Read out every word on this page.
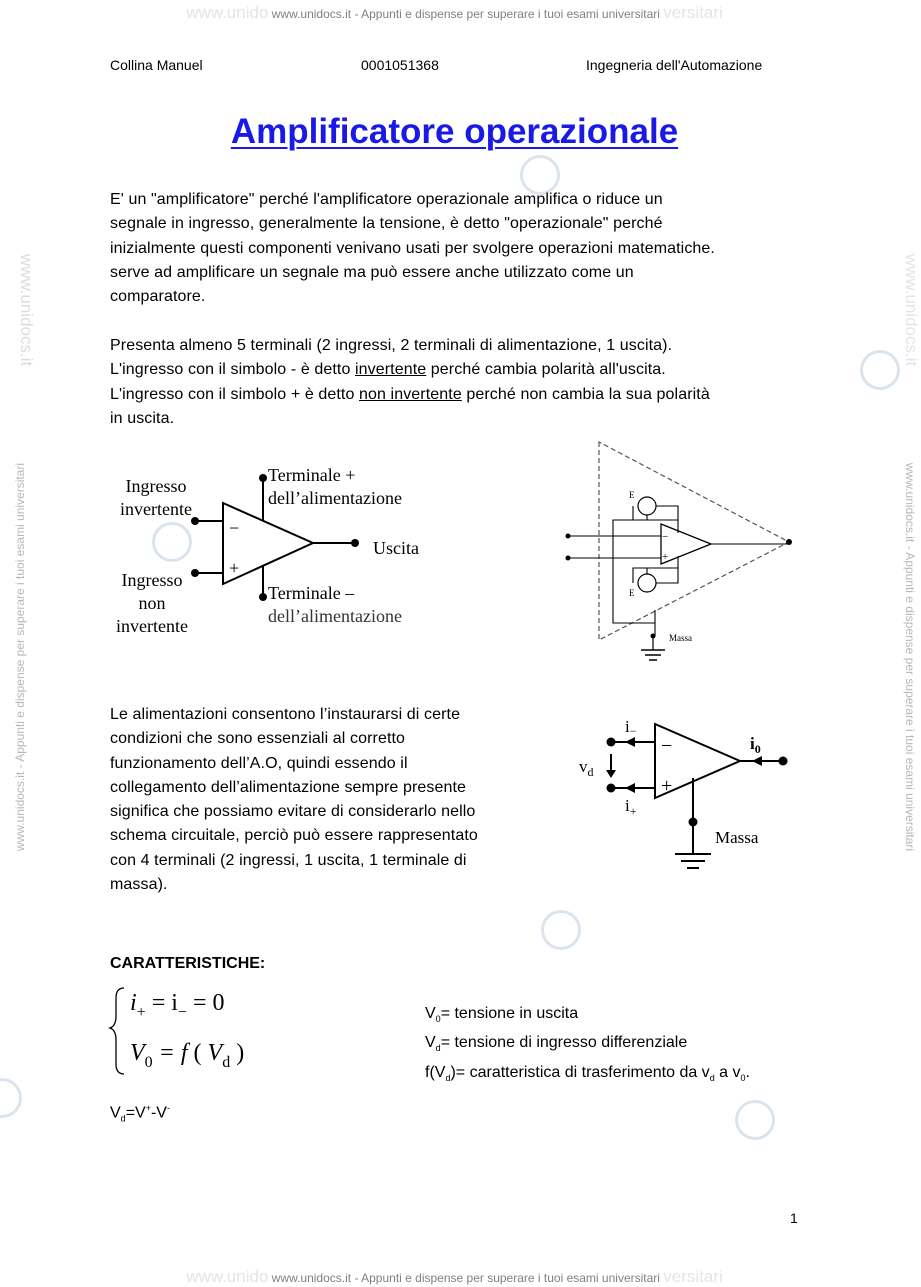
www.unido www.unidocs.it - Appunti e dispense per superare i tuoi esami universitari versitari
www.unido www.unidocs.it - Appunti e dispense per superare i tuoi esami universitari versitari
www.unidocs.it - Appunti e dispense per superare i tuoi esami universitari	www.unidocs.it - Appunti e dispense per superare i tuoi esami universitari
www.unidocs.it	www.unidocs.it
Collina Manuel	0001051368	Ingegneria dell'Automazione
Amplificatore operazionale
E' un "amplificatore" perché l'amplificatore operazionale amplifica o riduce un
segnale in ingresso, generalmente la tensione, è detto "operazionale" perché
inizialmente questi componenti venivano usati per svolgere operazioni matematiche.
serve ad amplificare un segnale ma può essere anche utilizzato come un
comparatore.
Presenta almeno 5 terminali (2 ingressi, 2 terminali di alimentazione, 1 uscita).
L'ingresso con il simbolo - è detto invertente perché cambia polarità all'uscita.
L'ingresso con il simbolo + è detto non invertente perché non cambia la sua polarità
in uscita.
−
+
Ingresso
invertente
Ingresso
non
invertente
Terminale +
dell’alimentazione
Terminale –
dell’alimentazione
Uscita
−
+
E
E
Massa
Le alimentazioni consentono l’instaurarsi di certe
condizioni che sono essenziali al corretto
funzionamento dell’A.O, quindi essendo il
collegamento dell’alimentazione sempre presente
significa che possiamo evitare di considerarlo nello
schema circuitale, perciò può essere rappresentato
con 4 terminali (2 ingressi, 1 uscita, 1 terminale di
massa).
−
+
i−
$i_+$
$v_d$
$i_0$
Massa
CARATTERISTICHE:
$i_+ = i_- = 0$
$V_0 = f$ ( $V_d$ )
$V_0=$ tensione in uscita
$V_d=$ tensione di ingresso differenziale
$f(V_d)=$ caratteristica di trasferimento da $v_d$ a $v_0$.
$V_d=V^+-V^-$
1
